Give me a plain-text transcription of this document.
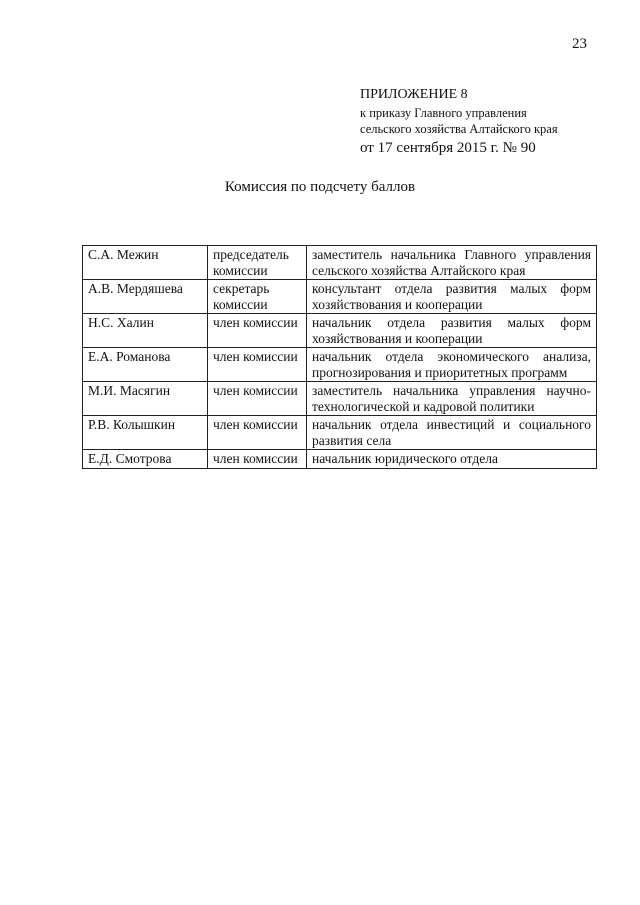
23
ПРИЛОЖЕНИЕ 8
к приказу Главного управления
сельского хозяйства Алтайского края
от 17 сентября 2015 г. № 90
Комиссия по подсчету баллов
С.А. Межин	председатель комиссии	заместитель начальника Главного управления сельского хозяйства Алтайского края
А.В. Мердяшева	секретарь комиссии	консультант отдела развития малых форм хозяйствования и кооперации
Н.С. Халин	член комиссии	начальник отдела развития малых форм хозяйствования и кооперации
Е.А. Романова	член комиссии	начальник отдела экономического анализа, прогнозирования и приоритетных программ
М.И. Масягин	член комиссии	заместитель начальника управления научно-технологической и кадровой политики
Р.В. Колышкин	член комиссии	начальник отдела инвестиций и социального развития села
Е.Д. Смотрова	член комиссии	начальник юридического отдела
